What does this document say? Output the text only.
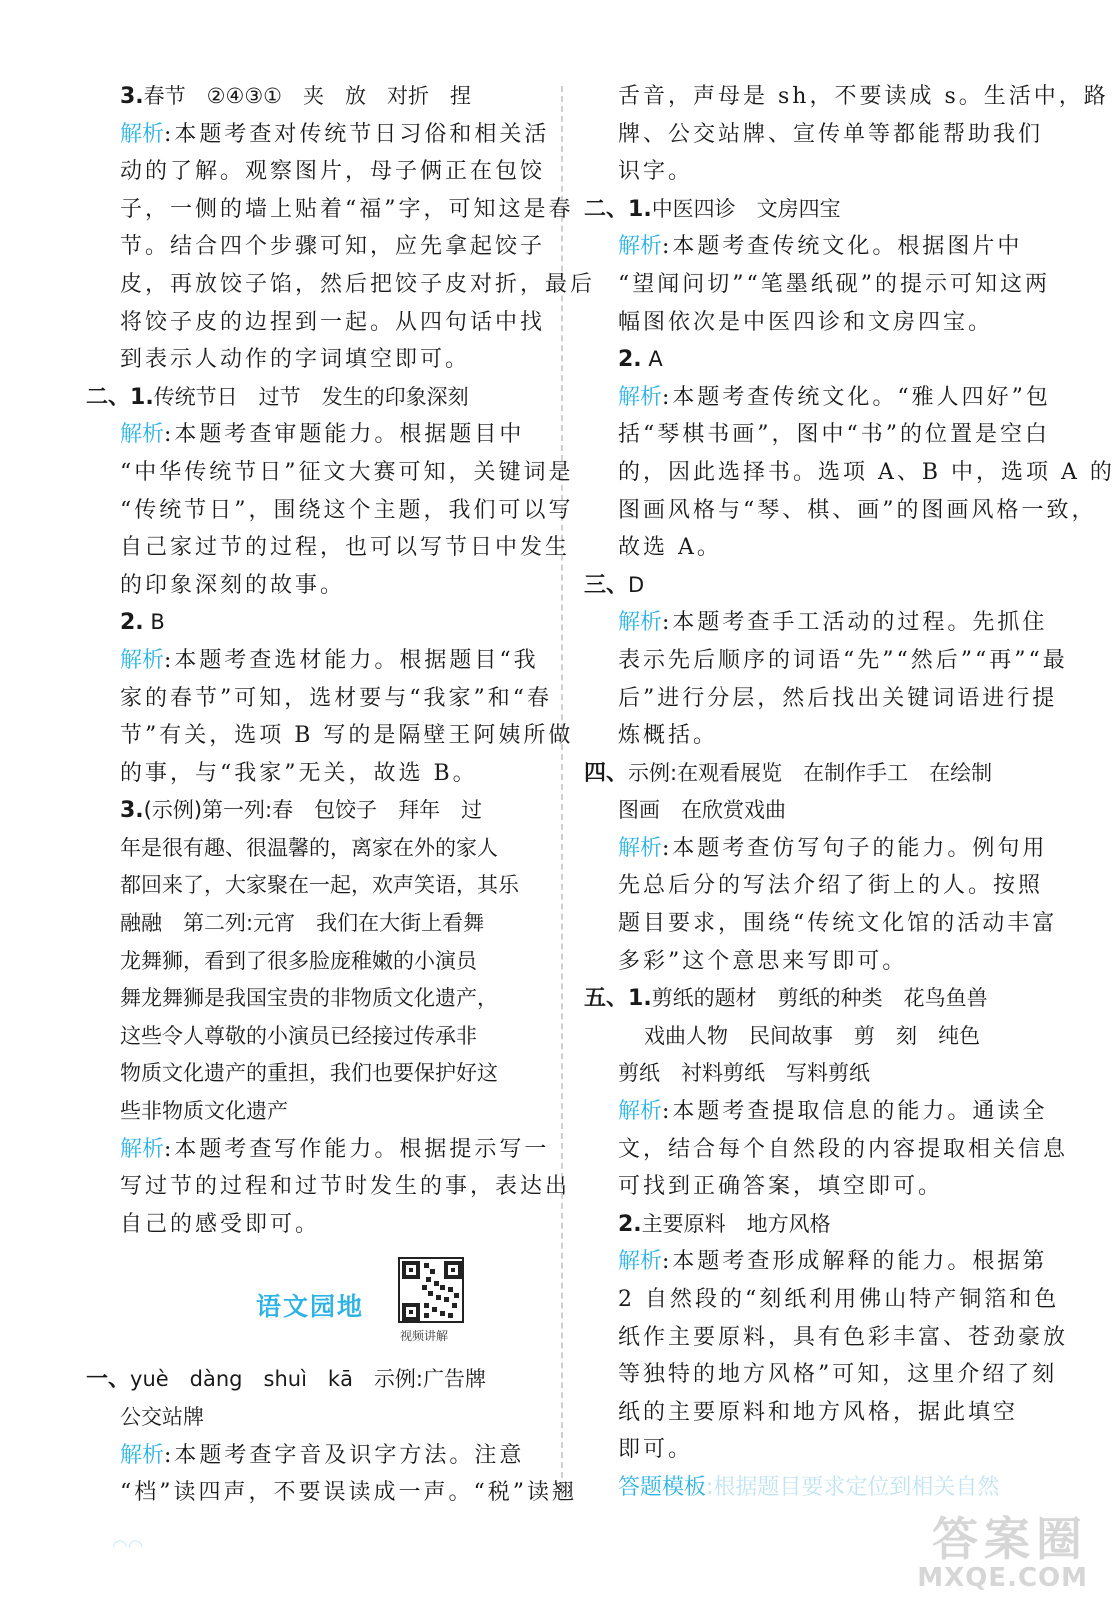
3.春节　②④③①　夹　放　对折　捏
解析:本题考查对传统节日习俗和相关活
动的了解。观察图片，母子俩正在包饺
子，一侧的墙上贴着“福”字，可知这是春
节。结合四个步骤可知，应先拿起饺子
皮，再放饺子馅，然后把饺子皮对折，最后
将饺子皮的边捏到一起。从四句话中找
到表示人动作的字词填空即可。
二、1.传统节日　过节　发生的印象深刻
解析:本题考查审题能力。根据题目中
“中华传统节日”征文大赛可知，关键词是
“传统节日”，围绕这个主题，我们可以写
自己家过节的过程，也可以写节日中发生
的印象深刻的故事。
2. B
解析:本题考查选材能力。根据题目“我
家的春节”可知，选材要与“我家”和“春
节”有关，选项 B 写的是隔壁王阿姨所做
的事，与“我家”无关，故选 B。
3.(示例)第一列:春　包饺子　拜年　过
年是很有趣、很温馨的，离家在外的家人
都回来了，大家聚在一起，欢声笑语，其乐
融融　第二列:元宵　我们在大街上看舞
龙舞狮，看到了很多脸庞稚嫩的小演员
舞龙舞狮是我国宝贵的非物质文化遗产，
这些令人尊敬的小演员已经接过传承非
物质文化遗产的重担，我们也要保护好这
些非物质文化遗产
解析:本题考查写作能力。根据提示写一
写过节的过程和过节时发生的事，表达出
自己的感受即可。
语文园地
视频讲解
一、yuè　dàng　shuì　kā　示例:广告牌
公交站牌
解析:本题考查字音及识字方法。注意
“档”读四声，不要误读成一声。“税”读翘
舌音，声母是 sh，不要读成 s。生活中，路
牌、公交站牌、宣传单等都能帮助我们
识字。
二、1.中医四诊　文房四宝
解析:本题考查传统文化。根据图片中
“望闻问切”“笔墨纸砚”的提示可知这两
幅图依次是中医四诊和文房四宝。
2. A
解析:本题考查传统文化。“雅人四好”包
括“琴棋书画”，图中“书”的位置是空白
的，因此选择书。选项 A、B 中，选项 A 的
图画风格与“琴、棋、画”的图画风格一致，
故选 A。
三、D
解析:本题考查手工活动的过程。先抓住
表示先后顺序的词语“先”“然后”“再”“最
后”进行分层，然后找出关键词语进行提
炼概括。
四、示例:在观看展览　在制作手工　在绘制
图画　在欣赏戏曲
解析:本题考查仿写句子的能力。例句用
先总后分的写法介绍了街上的人。按照
题目要求，围绕“传统文化馆的活动丰富
多彩”这个意思来写即可。
五、1.剪纸的题材　剪纸的种类　花鸟鱼兽
戏曲人物　民间故事　剪　刻　纯色
剪纸　衬料剪纸　写料剪纸
解析:本题考查提取信息的能力。通读全
文，结合每个自然段的内容提取相关信息
可找到正确答案，填空即可。
2.主要原料　地方风格
解析:本题考查形成解释的能力。根据第
2 自然段的“刻纸利用佛山特产铜箔和色
纸作主要原料，具有色彩丰富、苍劲豪放
等独特的地方风格”可知，这里介绍了刻
纸的主要原料和地方风格，据此填空
即可。
答题模板:根据题目要求定位到相关自然
◠◠	答案圈
MXQE.COM
